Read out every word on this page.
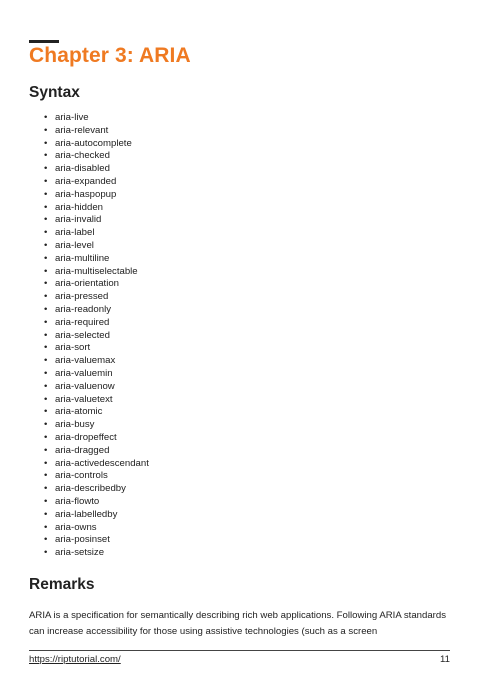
Chapter 3: ARIA
Syntax
• aria-live
• aria-relevant
• aria-autocomplete
• aria-checked
• aria-disabled
• aria-expanded
• aria-haspopup
• aria-hidden
• aria-invalid
• aria-label
• aria-level
• aria-multiline
• aria-multiselectable
• aria-orientation
• aria-pressed
• aria-readonly
• aria-required
• aria-selected
• aria-sort
• aria-valuemax
• aria-valuemin
• aria-valuenow
• aria-valuetext
• aria-atomic
• aria-busy
• aria-dropeffect
• aria-dragged
• aria-activedescendant
• aria-controls
• aria-describedby
• aria-flowto
• aria-labelledby
• aria-owns
• aria-posinset
• aria-setsize
Remarks

ARIA is a specification for semantically describing rich web applications. Following ARIA standards can increase accessibility for those using assistive technologies (such as a screen

https://riptutorial.com/	11
